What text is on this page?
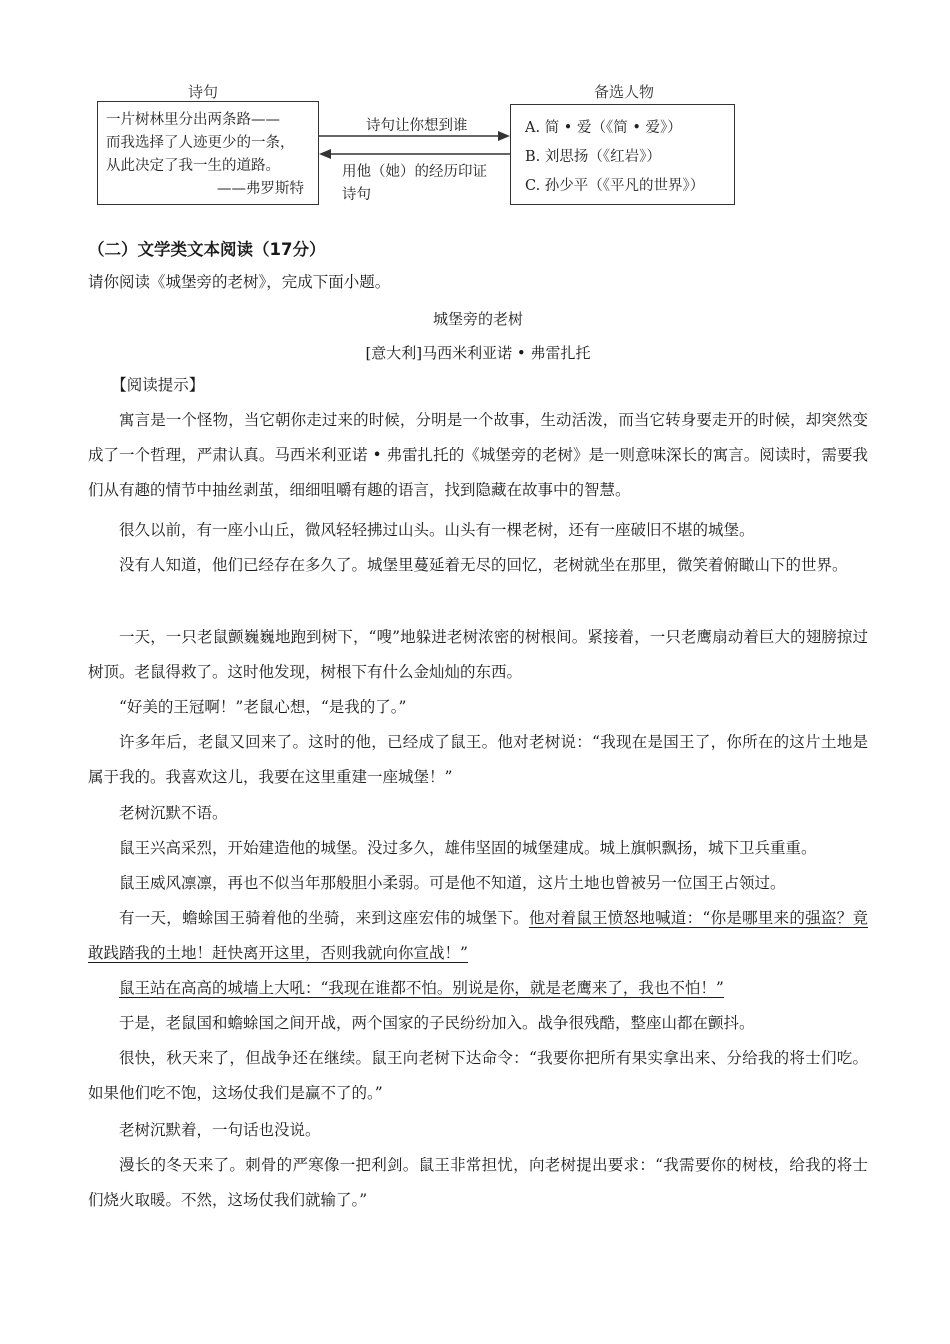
诗句	备选人物
一片树林里分出两条路——
而我选择了人迹更少的一条，
从此决定了我一生的道路。
——弗罗斯特
诗句让你想到谁
用他（她）的经历印证
诗句
A. 简 • 爱（《简 • 爱》）
B. 刘思扬（《红岩》）
C. 孙少平（《平凡的世界》）
（二）文学类文本阅读（17分）
请你阅读《城堡旁的老树》，完成下面小题。
城堡旁的老树
[意大利]马西米利亚诺 • 弗雷扎托

【阅读提示】

寓言是一个怪物，当它朝你走过来的时候，分明是一个故事，生动活泼，而当它转身要走开的时候，却突然变成了一个哲理，严肃认真。马西米利亚诺 • 弗雷扎托的《城堡旁的老树》是一则意味深长的寓言。阅读时，需要我们从有趣的情节中抽丝剥茧，细细咀嚼有趣的语言，找到隐藏在故事中的智慧。

很久以前，有一座小山丘，微风轻轻拂过山头。山头有一棵老树，还有一座破旧不堪的城堡。

没有人知道，他们已经存在多久了。城堡里蔓延着无尽的回忆，老树就坐在那里，微笑着俯瞰山下的世界。

一天，一只老鼠颤巍巍地跑到树下，“嗖”地躲进老树浓密的树根间。紧接着，一只老鹰扇动着巨大的翅膀掠过树顶。老鼠得救了。这时他发现，树根下有什么金灿灿的东西。

“好美的王冠啊！”老鼠心想，“是我的了。”

许多年后，老鼠又回来了。这时的他，已经成了鼠王。他对老树说：“我现在是国王了，你所在的这片土地是属于我的。我喜欢这儿，我要在这里重建一座城堡！”

老树沉默不语。

鼠王兴高采烈，开始建造他的城堡。没过多久，雄伟坚固的城堡建成。城上旗帜飘扬，城下卫兵重重。

鼠王威风凛凛，再也不似当年那般胆小柔弱。可是他不知道，这片土地也曾被另一位国王占领过。

有一天，蟾蜍国王骑着他的坐骑，来到这座宏伟的城堡下。他对着鼠王愤怒地喊道：“你是哪里来的强盗？竟敢践踏我的土地！赶快离开这里，否则我就向你宣战！”

鼠王站在高高的城墙上大吼：“我现在谁都不怕。别说是你，就是老鹰来了，我也不怕！”

于是，老鼠国和蟾蜍国之间开战，两个国家的子民纷纷加入。战争很残酷，整座山都在颤抖。

很快，秋天来了，但战争还在继续。鼠王向老树下达命令：“我要你把所有果实拿出来、分给我的将士们吃。如果他们吃不饱，这场仗我们是赢不了的。”

老树沉默着，一句话也没说。

漫长的冬天来了。刺骨的严寒像一把利剑。鼠王非常担忧，向老树提出要求：“我需要你的树枝，给我的将士们烧火取暖。不然，这场仗我们就输了。”
